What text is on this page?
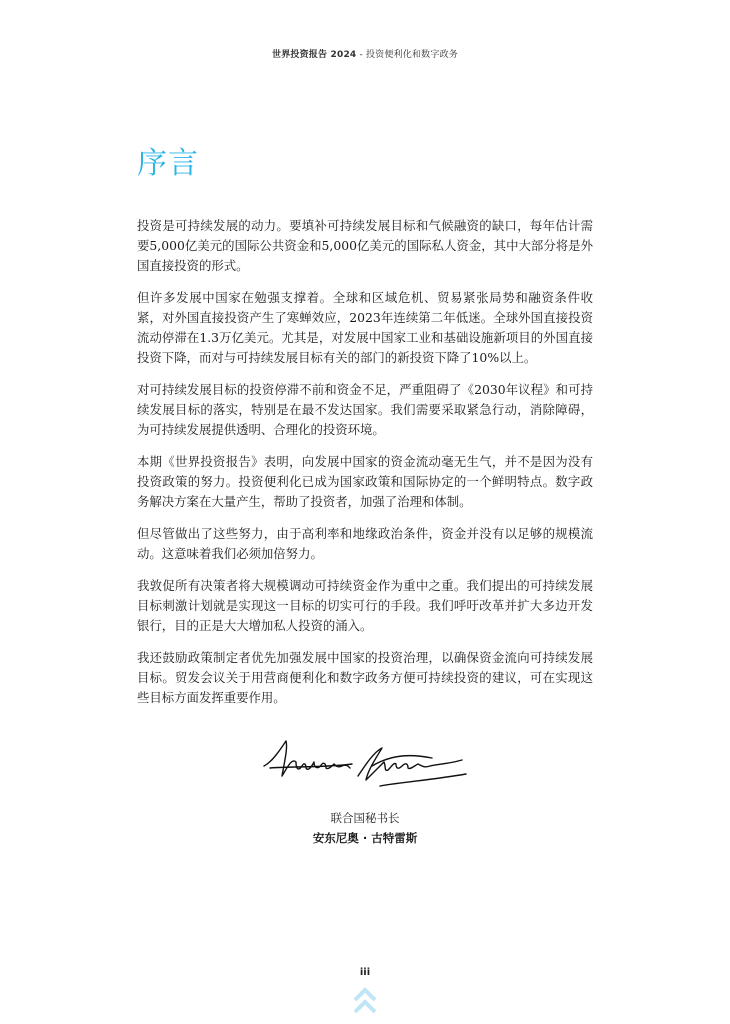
世界投资报告 2024 - 投资便利化和数字政务
序言

投资是可持续发展的动力。要填补可持续发展目标和气候融资的缺口，每年估计需要5,000亿美元的国际公共资金和5,000亿美元的国际私人资金，其中大部分将是外国直接投资的形式。

但许多发展中国家在勉强支撑着。全球和区域危机、贸易紧张局势和融资条件收紧，对外国直接投资产生了寒蝉效应，2023年连续第二年低迷。全球外国直接投资流动停滞在1.3万亿美元。尤其是，对发展中国家工业和基础设施新项目的外国直接投资下降，而对与可持续发展目标有关的部门的新投资下降了10%以上。

对可持续发展目标的投资停滞不前和资金不足，严重阻碍了《2030年议程》和可持续发展目标的落实，特别是在最不发达国家。我们需要采取紧急行动，消除障碍，为可持续发展提供透明、合理化的投资环境。

本期《世界投资报告》表明，向发展中国家的资金流动毫无生气，并不是因为没有投资政策的努力。投资便利化已成为国家政策和国际协定的一个鲜明特点。数字政务解决方案在大量产生，帮助了投资者，加强了治理和体制。

但尽管做出了这些努力，由于高利率和地缘政治条件，资金并没有以足够的规模流动。这意味着我们必须加倍努力。

我敦促所有决策者将大规模调动可持续资金作为重中之重。我们提出的可持续发展目标刺激计划就是实现这一目标的切实可行的手段。我们呼吁改革并扩大多边开发银行，目的正是大大增加私人投资的涌入。

我还鼓励政策制定者优先加强发展中国家的投资治理，以确保资金流向可持续发展目标。贸发会议关于用营商便利化和数字政务方便可持续投资的建议，可在实现这些目标方面发挥重要作用。

联合国秘书长
安东尼奥 · 古特雷斯
iii
